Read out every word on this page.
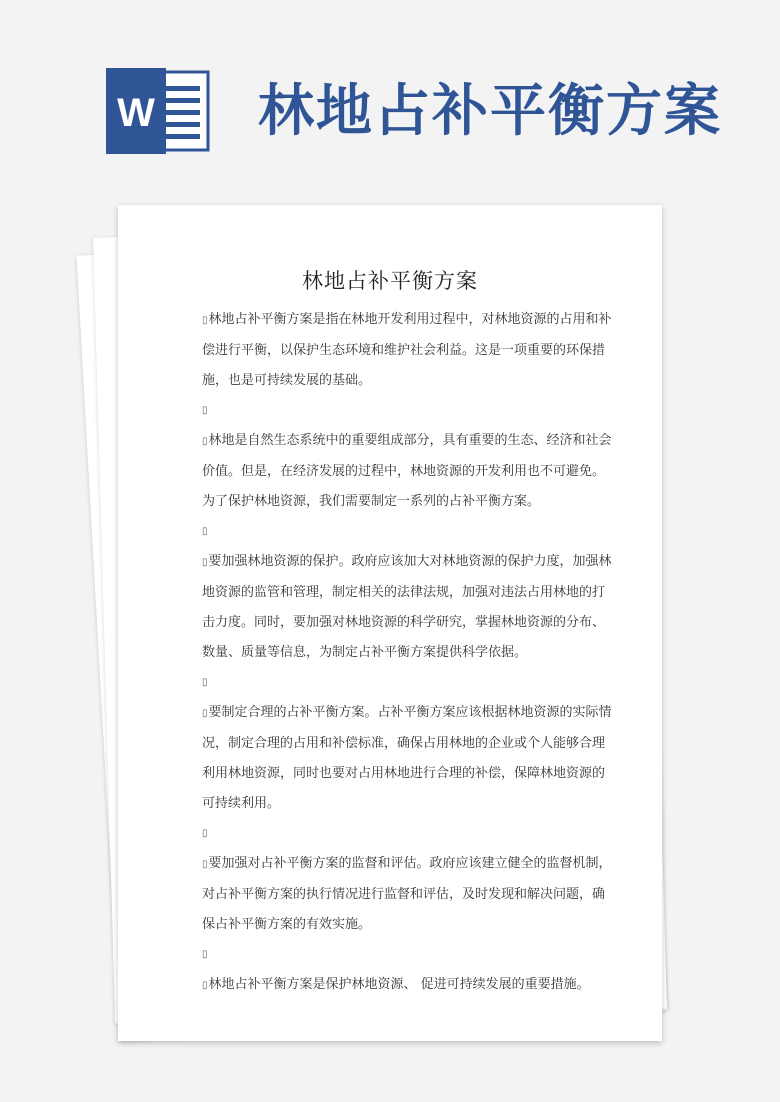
W 林地占补平衡方案
林地占补平衡方案

▯ 林地占补平衡方案是指在林地开发利用过程中，对林地资源的占用和补偿进行平衡，以保护生态环境和维护社会利益。这是一项重要的环保措施，也是可持续发展的基础。

▯

▯ 林地是自然生态系统中的重要组成部分，具有重要的生态、经济和社会价值。但是，在经济发展的过程中，林地资源的开发利用也不可避免。为了保护林地资源，我们需要制定一系列的占补平衡方案。

▯

▯ 要加强林地资源的保护。政府应该加大对林地资源的保护力度，加强林地资源的监管和管理，制定相关的法律法规，加强对违法占用林地的打击力度。同时，要加强对林地资源的科学研究，掌握林地资源的分布、数量、质量等信息，为制定占补平衡方案提供科学依据。

▯

▯ 要制定合理的占补平衡方案。占补平衡方案应该根据林地资源的实际情况，制定合理的占用和补偿标准，确保占用林地的企业或个人能够合理利用林地资源，同时也要对占用林地进行合理的补偿，保障林地资源的可持续利用。

▯

▯ 要加强对占补平衡方案的监督和评估。政府应该建立健全的监督机制，对占补平衡方案的执行情况进行监督和评估，及时发现和解决问题，确保占补平衡方案的有效实施。

▯

▯ 林地占补平衡方案是保护林地资源、 促进可持续发展的重要措施。
